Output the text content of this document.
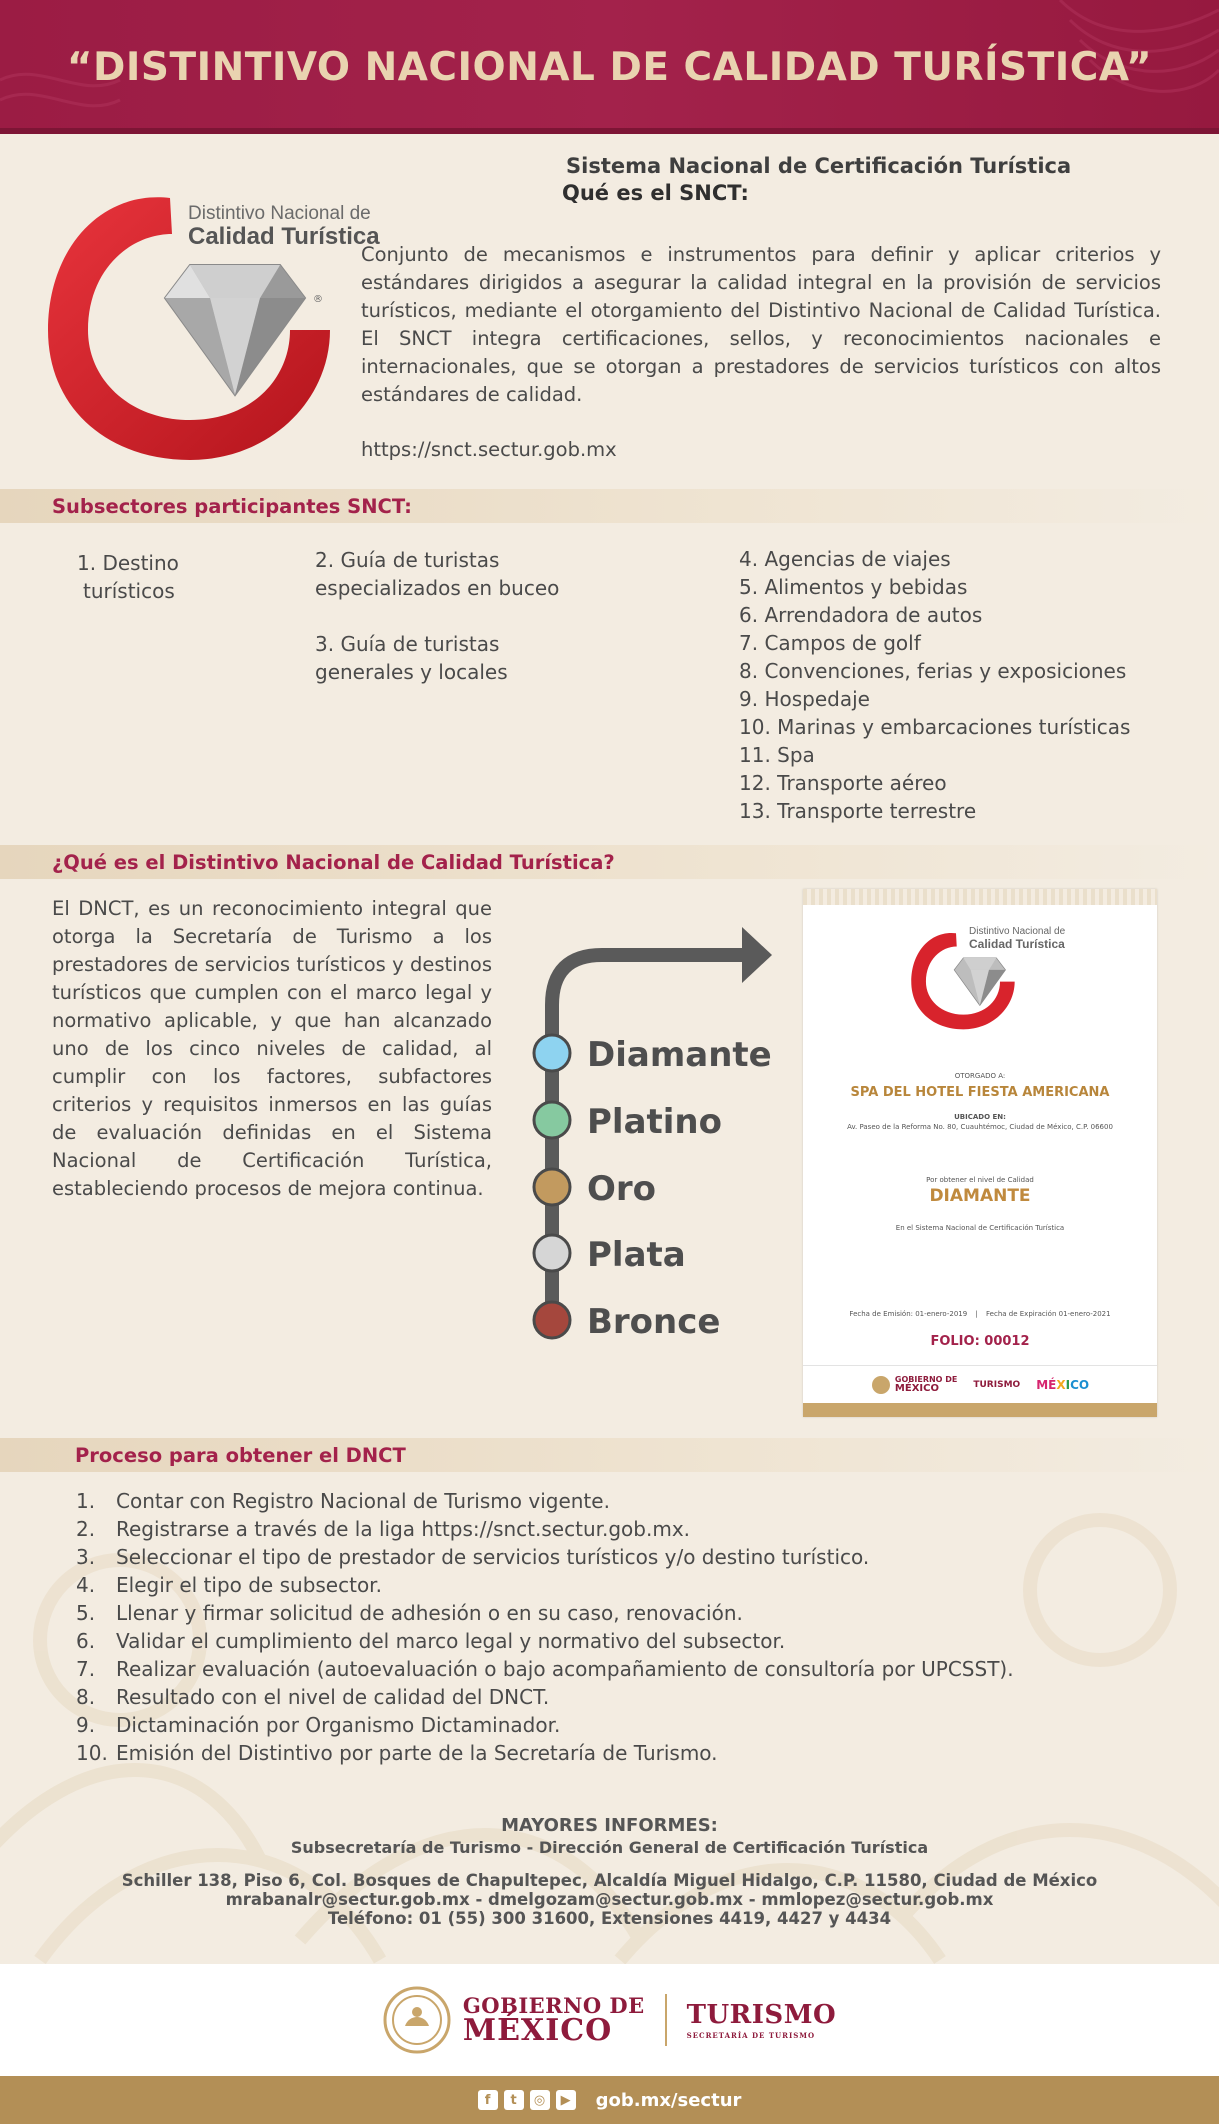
“DISTINTIVO NACIONAL DE CALIDAD TURÍSTICA”
®
Distintivo Nacional de
Calidad Turística
Sistema Nacional de Certificación Turística
Qué es el SNCT:
Conjunto de mecanismos e instrumentos para definir y aplicar criterios y estándares dirigidos a asegurar la calidad integral en la provisión de servicios turísticos, mediante el otorgamiento del Distintivo Nacional de Calidad Turística. El SNCT integra certificaciones, sellos, y reconocimientos nacionales e internacionales, que se otorgan a prestadores de servicios turísticos con altos estándares de calidad.
https://snct.sectur.gob.mx
Subsectores participantes SNCT:
1. Destino
turísticos
2. Guía de turistas
especializados en buceo
3. Guía de turistas
generales y locales
4. Agencias de viajes
5. Alimentos y bebidas
6. Arrendadora de autos
7. Campos de golf
8. Convenciones, ferias y exposiciones
9. Hospedaje
10. Marinas y embarcaciones turísticas
11. Spa
12. Transporte aéreo
13. Transporte terrestre
¿Qué es el Distintivo Nacional de Calidad Turística?
El DNCT, es un reconocimiento integral que otorga la Secretaría de Turismo a los prestadores de servicios turísticos y destinos turísticos que cumplen con el marco legal y normativo aplicable, y que han alcanzado uno de los cinco niveles de calidad, al cumplir con los factores, subfactores criterios y requisitos inmersos en las guías de evaluación definidas en el Sistema Nacional de Certificación Turística, estableciendo procesos de mejora continua.
Diamante
Platino
Oro
Plata
Bronce
Distintivo Nacional de
Calidad Turística
OTORGADO A:
SPA DEL HOTEL FIESTA AMERICANA
UBICADO EN:
Av. Paseo de la Reforma No. 80, Cuauhtémoc, Ciudad de México, C.P. 06600
Por obtener el nivel de Calidad
DIAMANTE
En el Sistema Nacional de Certificación Turística
Fecha de Emisión: 01-enero-2019 | Fecha de Expiración 01-enero-2021
FOLIO: 00012
GOBIERNO DE
MÉXICO	TURISMO MÉXICO
Proceso para obtener el DNCT
1.	Contar con Registro Nacional de Turismo vigente.
2.	Registrarse a través de la liga https://snct.sectur.gob.mx.
3.	Seleccionar el tipo de prestador de servicios turísticos y/o destino turístico.
4.	Elegir el tipo de subsector.
5.	Llenar y firmar solicitud de adhesión o en su caso, renovación.
6.	Validar el cumplimiento del marco legal y normativo del subsector.
7.	Realizar evaluación (autoevaluación o bajo acompañamiento de consultoría por UPCSST).
8.	Resultado con el nivel de calidad del DNCT.
9.	Dictaminación por Organismo Dictaminador.
10. Emisión del Distintivo por parte de la Secretaría de Turismo.
MAYORES INFORMES:
Subsecretaría de Turismo - Dirección General de Certificación Turística
Schiller 138, Piso 6, Col. Bosques de Chapultepec, Alcaldía Miguel Hidalgo, C.P. 11580, Ciudad de México
mrabanalr@sectur.gob.mx - dmelgozam@sectur.gob.mx - mmlopez@sectur.gob.mx
Teléfono: 01 (55) 300 31600, Extensiones 4419, 4427 y 4434
GOBIERNO DE
MÉXICO	TURISMO
SECRETARÍA DE TURISMO
f	t	◎	▶ gob.mx/sectur
